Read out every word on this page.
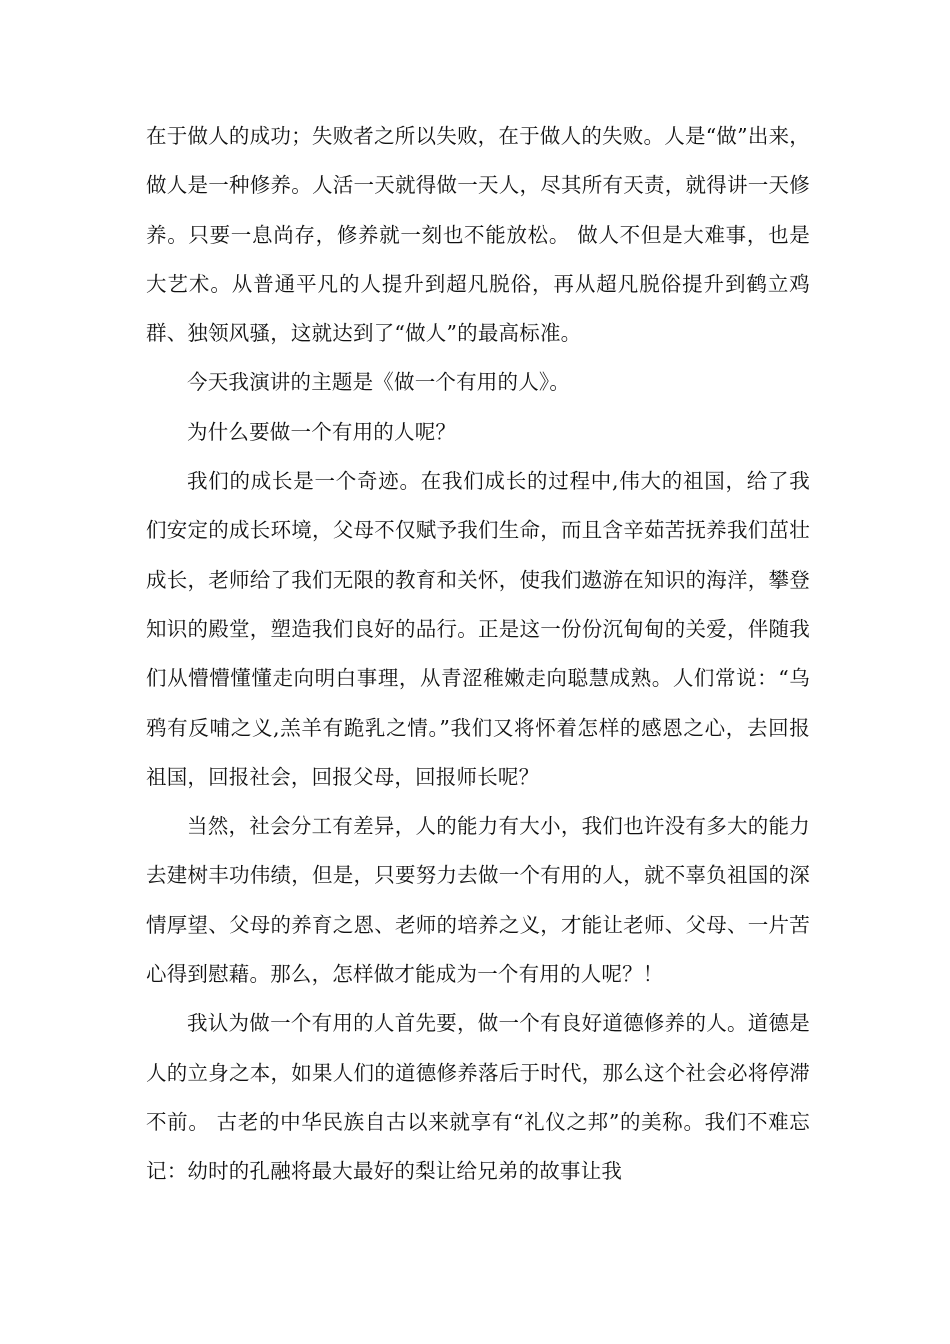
在于做人的成功；失败者之所以失败，在于做人的失败。人是“做”出来，做人是一种修养。人活一天就得做一天人，尽其所有天责，就得讲一天修养。只要一息尚存，修养就一刻也不能放松。 做人不但是大难事，也是大艺术。从普通平凡的人提升到超凡脱俗，再从超凡脱俗提升到鹤立鸡群、独领风骚，这就达到了“做人”的最高标准。

今天我演讲的主题是《做一个有用的人》。

为什么要做一个有用的人呢？

我们的成长是一个奇迹。在我们成长的过程中,伟大的祖国，给了我们安定的成长环境，父母不仅赋予我们生命，而且含辛茹苦抚养我们茁壮成长，老师给了我们无限的教育和关怀，使我们遨游在知识的海洋，攀登知识的殿堂，塑造我们良好的品行。正是这一份份沉甸甸的关爱，伴随我们从懵懵懂懂走向明白事理，从青涩稚嫩走向聪慧成熟。人们常说：“乌鸦有反哺之义,羔羊有跪乳之情。”我们又将怀着怎样的感恩之心，去回报祖国，回报社会，回报父母，回报师长呢？

当然，社会分工有差异，人的能力有大小，我们也许没有多大的能力去建树丰功伟绩，但是，只要努力去做一个有用的人，就不辜负祖国的深情厚望、父母的养育之恩、老师的培养之义，才能让老师、父母、一片苦心得到慰藉。那么，怎样做才能成为一个有用的人呢？！

我认为做一个有用的人首先要，做一个有良好道德修养的人。道德是人的立身之本，如果人们的道德修养落后于时代，那么这个社会必将停滞不前。 古老的中华民族自古以来就享有“礼仪之邦”的美称。我们不难忘记：幼时的孔融将最大最好的梨让给兄弟的故事让我
